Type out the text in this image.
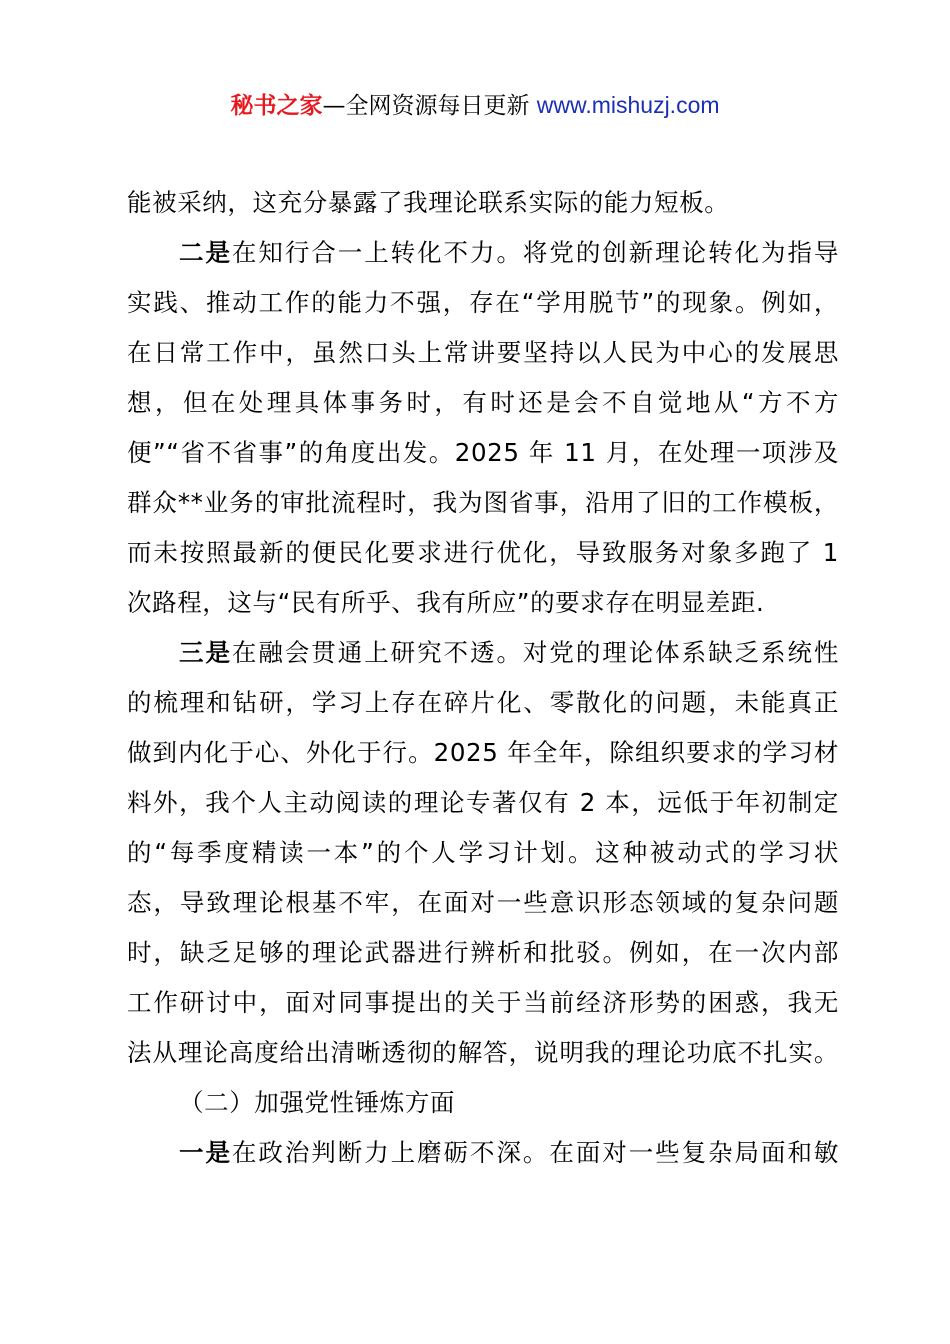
秘书之家—全网资源每日更新 www.mishuzj.com
能被采纳，这充分暴露了我理论联系实际的能力短板。
二是在知行合一上转化不力。将党的创新理论转化为指导
实践、推动工作的能力不强，存在“学用脱节”的现象。例如，
在日常工作中，虽然口头上常讲要坚持以人民为中心的发展思
想，但在处理具体事务时，有时还是会不自觉地从“方不方
便”“省不省事”的角度出发。2025 年 11 月，在处理一项涉及
群众**业务的审批流程时，我为图省事，沿用了旧的工作模板，
而未按照最新的便民化要求进行优化，导致服务对象多跑了 1
次路程，这与“民有所乎、我有所应”的要求存在明显差距.
三是在融会贯通上研究不透。对党的理论体系缺乏系统性
的梳理和钻研，学习上存在碎片化、零散化的问题，未能真正
做到内化于心、外化于行。2025 年全年，除组织要求的学习材
料外，我个人主动阅读的理论专著仅有 2 本，远低于年初制定
的“每季度精读一本”的个人学习计划。这种被动式的学习状
态，导致理论根基不牢，在面对一些意识形态领域的复杂问题
时，缺乏足够的理论武器进行辨析和批驳。例如，在一次内部
工作研讨中，面对同事提出的关于当前经济形势的困惑，我无
法从理论高度给出清晰透彻的解答，说明我的理论功底不扎实。
（二）加强党性锤炼方面
一是在政治判断力上磨砺不深。在面对一些复杂局面和敏
